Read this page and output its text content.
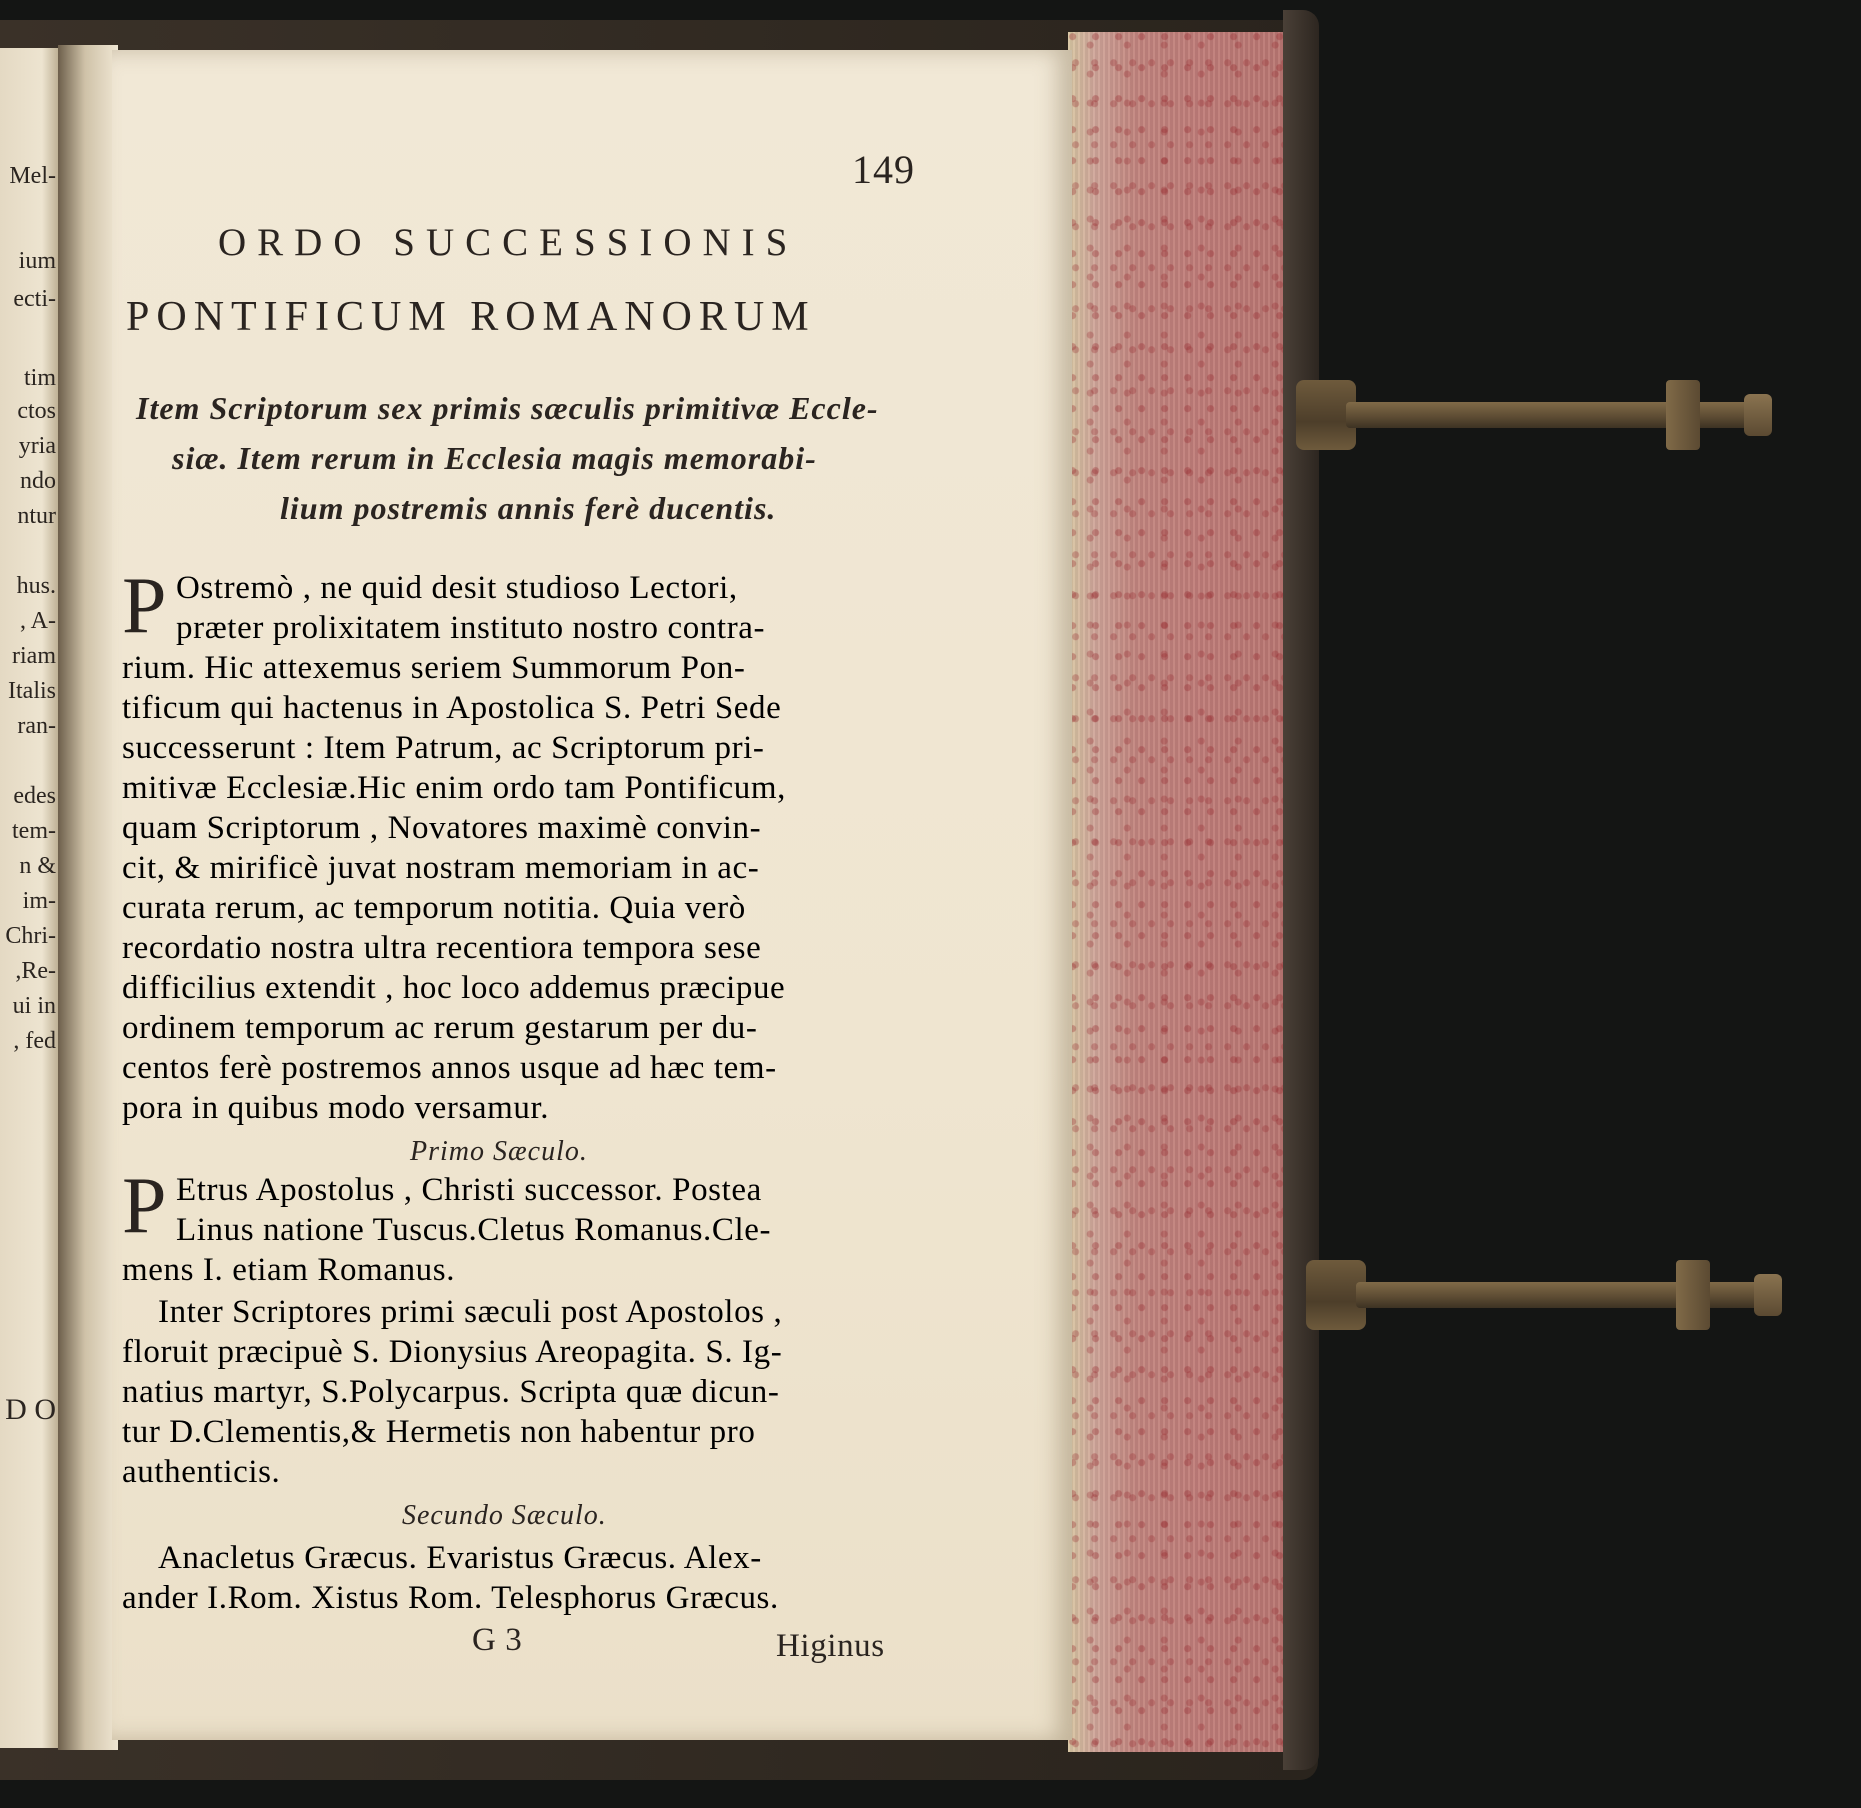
Mel-
ium
ecti-
tim
ctos
yria
ndo
ntur
hus.
, A-
riam
Italis
ran-
edes
tem-
n &
im-
Chri-
,Re-
ui in
, fed
D O
149
ORDO SUCCESSIONIS
PONTIFICUM ROMANORUM
Item Scriptorum sex primis sæculis primitivæ Eccle-
siæ. Item rerum in Ecclesia magis memorabi-
lium postremis annis ferè ducentis.
P Ostremò , ne quid desit studioso Lectori,
præter prolixitatem instituto nostro contra-
rium. Hic attexemus seriem Summorum Pon-
tificum qui hactenus in Apostolica S. Petri Sede
successerunt : Item Patrum, ac Scriptorum pri-
mitivæ Ecclesiæ.Hic enim ordo tam Pontificum,
quam Scriptorum , Novatores maximè convin-
cit, & mirificè juvat nostram memoriam in ac-
curata rerum, ac temporum notitia. Quia verò
recordatio nostra ultra recentiora tempora sese
difficilius extendit , hoc loco addemus præcipue
ordinem temporum ac rerum gestarum per du-
centos ferè postremos annos usque ad hæc tem-
pora in quibus modo versamur.
Primo Sæculo.
P Etrus Apostolus , Christi successor. Postea
Linus natione Tuscus.Cletus Romanus.Cle-
mens I. etiam Romanus.
Inter Scriptores primi sæculi post Apostolos ,
floruit præcipuè S. Dionysius Areopagita. S. Ig-
natius martyr, S.Polycarpus. Scripta quæ dicun-
tur D.Clementis,& Hermetis non habentur pro
authenticis.
Secundo Sæculo.
Anacletus Græcus. Evaristus Græcus. Alex-
ander I.Rom. Xistus Rom. Telesphorus Græcus.
G 3	Higinus
